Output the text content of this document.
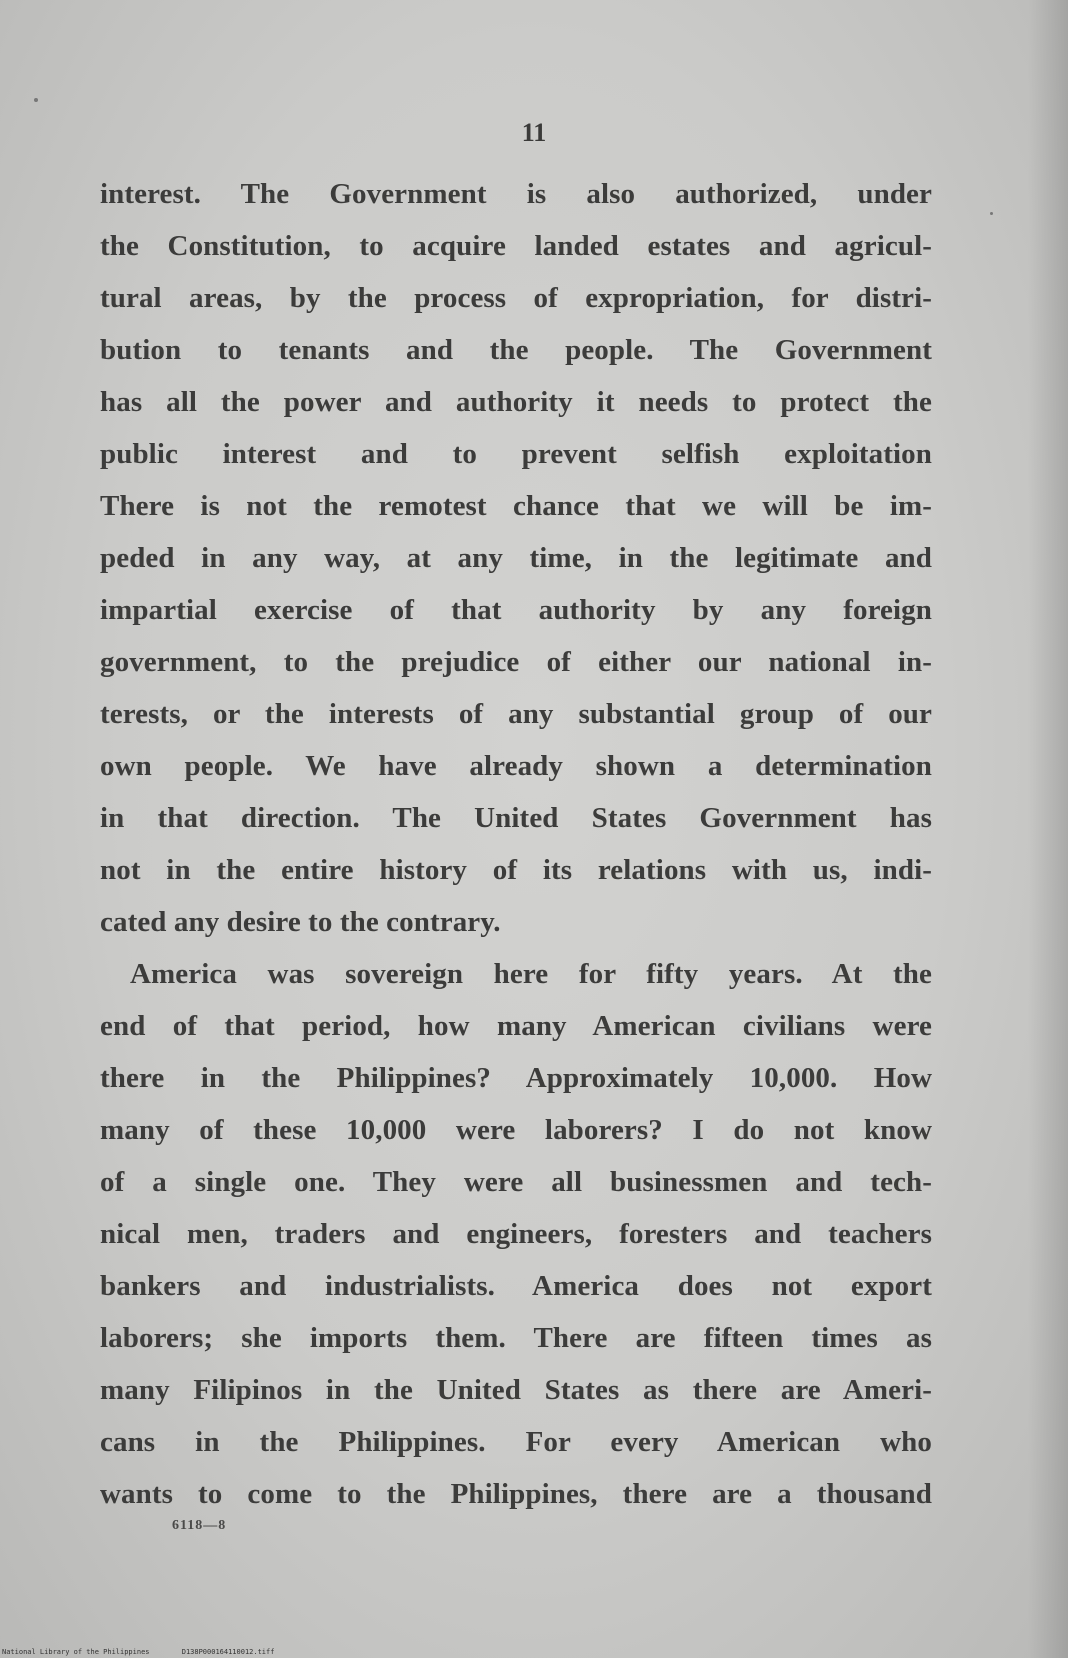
11
interest. The Government is also authorized, under
the Constitution, to acquire landed estates and agricul-
tural areas, by the process of expropriation, for distri-
bution to tenants and the people. The Government
has all the power and authority it needs to protect the
public interest and to prevent selfish exploitation
There is not the remotest chance that we will be im-
peded in any way, at any time, in the legitimate and
impartial exercise of that authority by any foreign
government, to the prejudice of either our national in-
terests, or the interests of any substantial group of our
own people. We have already shown a determination
in that direction. The United States Government has
not in the entire history of its relations with us, indi-
cated any desire to the contrary.
America was sovereign here for fifty years. At the
end of that period, how many American civilians were
there in the Philippines? Approximately 10,000. How
many of these 10,000 were laborers? I do not know
of a single one. They were all businessmen and tech-
nical men, traders and engineers, foresters and teachers
bankers and industrialists. America does not export
laborers; she imports them. There are fifteen times as
many Filipinos in the United States as there are Ameri-
cans in the Philippines. For every American who
wants to come to the Philippines, there are a thousand
6118—8
National Library of the Philippines	D138P000164110012.tiff
